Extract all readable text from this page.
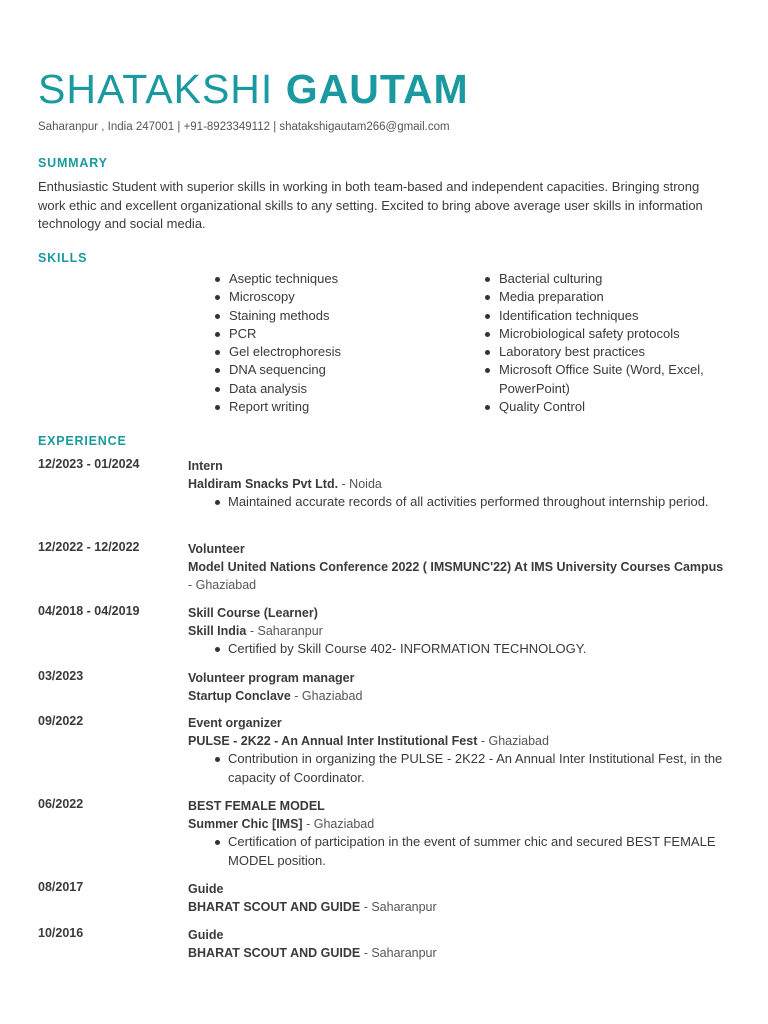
SHATAKSHI GAUTAM
Saharanpur , India 247001 | +91-8923349112 | shatakshigautam266@gmail.com
SUMMARY

Enthusiastic Student with superior skills in working in both team-based and independent capacities. Bringing strong work ethic and excellent organizational skills to any setting. Excited to bring above average user skills in information technology and social media.

SKILLS
Aseptic techniques
Microscopy
Staining methods
PCR
Gel electrophoresis
DNA sequencing
Data analysis
Report writing
Bacterial culturing
Media preparation
Identification techniques
Microbiological safety protocols
Laboratory best practices
Microsoft Office Suite (Word, Excel, PowerPoint)
Quality Control
EXPERIENCE
12/2023 - 01/2024	Intern
Haldiram Snacks Pvt Ltd. - Noida
Maintained accurate records of all activities performed throughout internship period.
12/2022 - 12/2022	Volunteer
Model United Nations Conference 2022 ( IMSMUNC'22) At IMS University Courses Campus - Ghaziabad
04/2018 - 04/2019	Skill Course (Learner)
Skill India - Saharanpur
Certified by Skill Course 402- INFORMATION TECHNOLOGY.
03/2023	Volunteer program manager
Startup Conclave - Ghaziabad
09/2022	Event organizer
PULSE - 2K22 - An Annual Inter Institutional Fest - Ghaziabad
Contribution in organizing the PULSE - 2K22 - An Annual Inter Institutional Fest, in the capacity of Coordinator.
06/2022	BEST FEMALE MODEL
Summer Chic [IMS] - Ghaziabad
Certification of participation in the event of summer chic and secured BEST FEMALE MODEL position.
08/2017	Guide
BHARAT SCOUT AND GUIDE - Saharanpur
10/2016	Guide
BHARAT SCOUT AND GUIDE - Saharanpur
